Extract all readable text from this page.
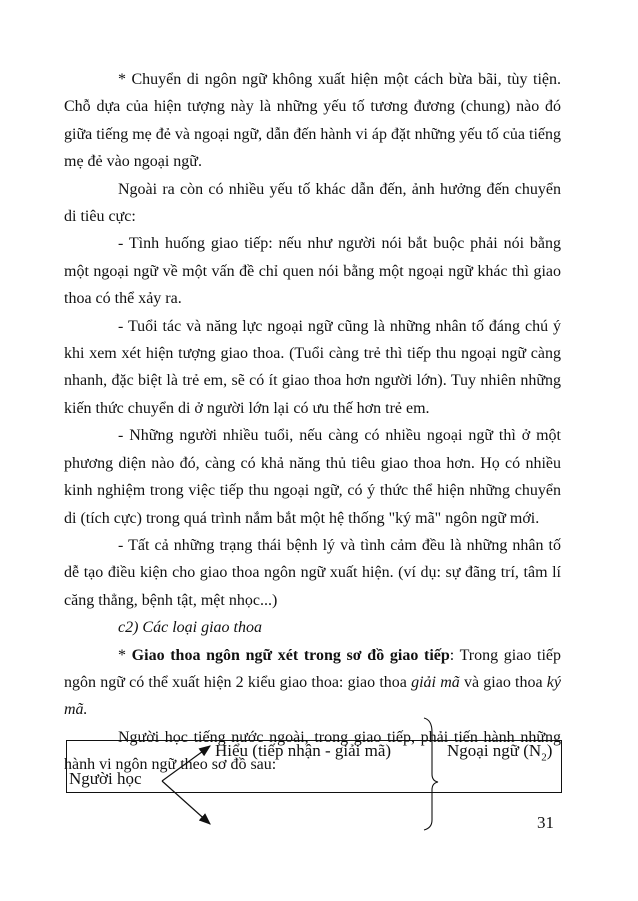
* Chuyển di ngôn ngữ không xuất hiện một cách bừa bãi, tùy tiện. Chỗ dựa của hiện tượng này là những yếu tố tương đương (chung) nào đó giữa tiếng mẹ đẻ và ngoại ngữ, dẫn đến hành vi áp đặt những yếu tố của tiếng mẹ đẻ vào ngoại ngữ.

Ngoài ra còn có nhiều yếu tố khác dẫn đến, ảnh hưởng đến chuyển di tiêu cực:

- Tình huống giao tiếp: nếu như người nói bắt buộc phải nói bằng một ngoại ngữ về một vấn đề chỉ quen nói bằng một ngoại ngữ khác thì giao thoa có thể xảy ra.

- Tuổi tác và năng lực ngoại ngữ cũng là những nhân tố đáng chú ý khi xem xét hiện tượng giao thoa. (Tuổi càng trẻ thì tiếp thu ngoại ngữ càng nhanh, đặc biệt là trẻ em, sẽ có ít giao thoa hơn người lớn). Tuy nhiên những kiến thức chuyển di ở người lớn lại có ưu thế hơn trẻ em.

- Những người nhiều tuổi, nếu càng có nhiều ngoại ngữ thì ở một phương diện nào đó, càng có khả năng thủ tiêu giao thoa hơn. Họ có nhiều kinh nghiệm trong việc tiếp thu ngoại ngữ, có ý thức thể hiện những chuyển di (tích cực) trong quá trình nắm bắt một hệ thống "ký mã" ngôn ngữ mới.

- Tất cả những trạng thái bệnh lý và tình cảm đều là những nhân tố dễ tạo điều kiện cho giao thoa ngôn ngữ xuất hiện. (ví dụ: sự đãng trí, tâm lí căng thẳng, bệnh tật, mệt nhọc...)

c2) Các loại giao thoa

* Giao thoa ngôn ngữ xét trong sơ đồ giao tiếp: Trong giao tiếp ngôn ngữ có thể xuất hiện 2 kiểu giao thoa: giao thoa giải mã và giao thoa ký mã.

Người học tiếng nước ngoài, trong giao tiếp, phải tiến hành những hành vi ngôn ngữ theo sơ đồ sau:

Người học
Hiểu (tiếp nhận - giải mã)	Ngoại ngữ $(N_2)$
31
